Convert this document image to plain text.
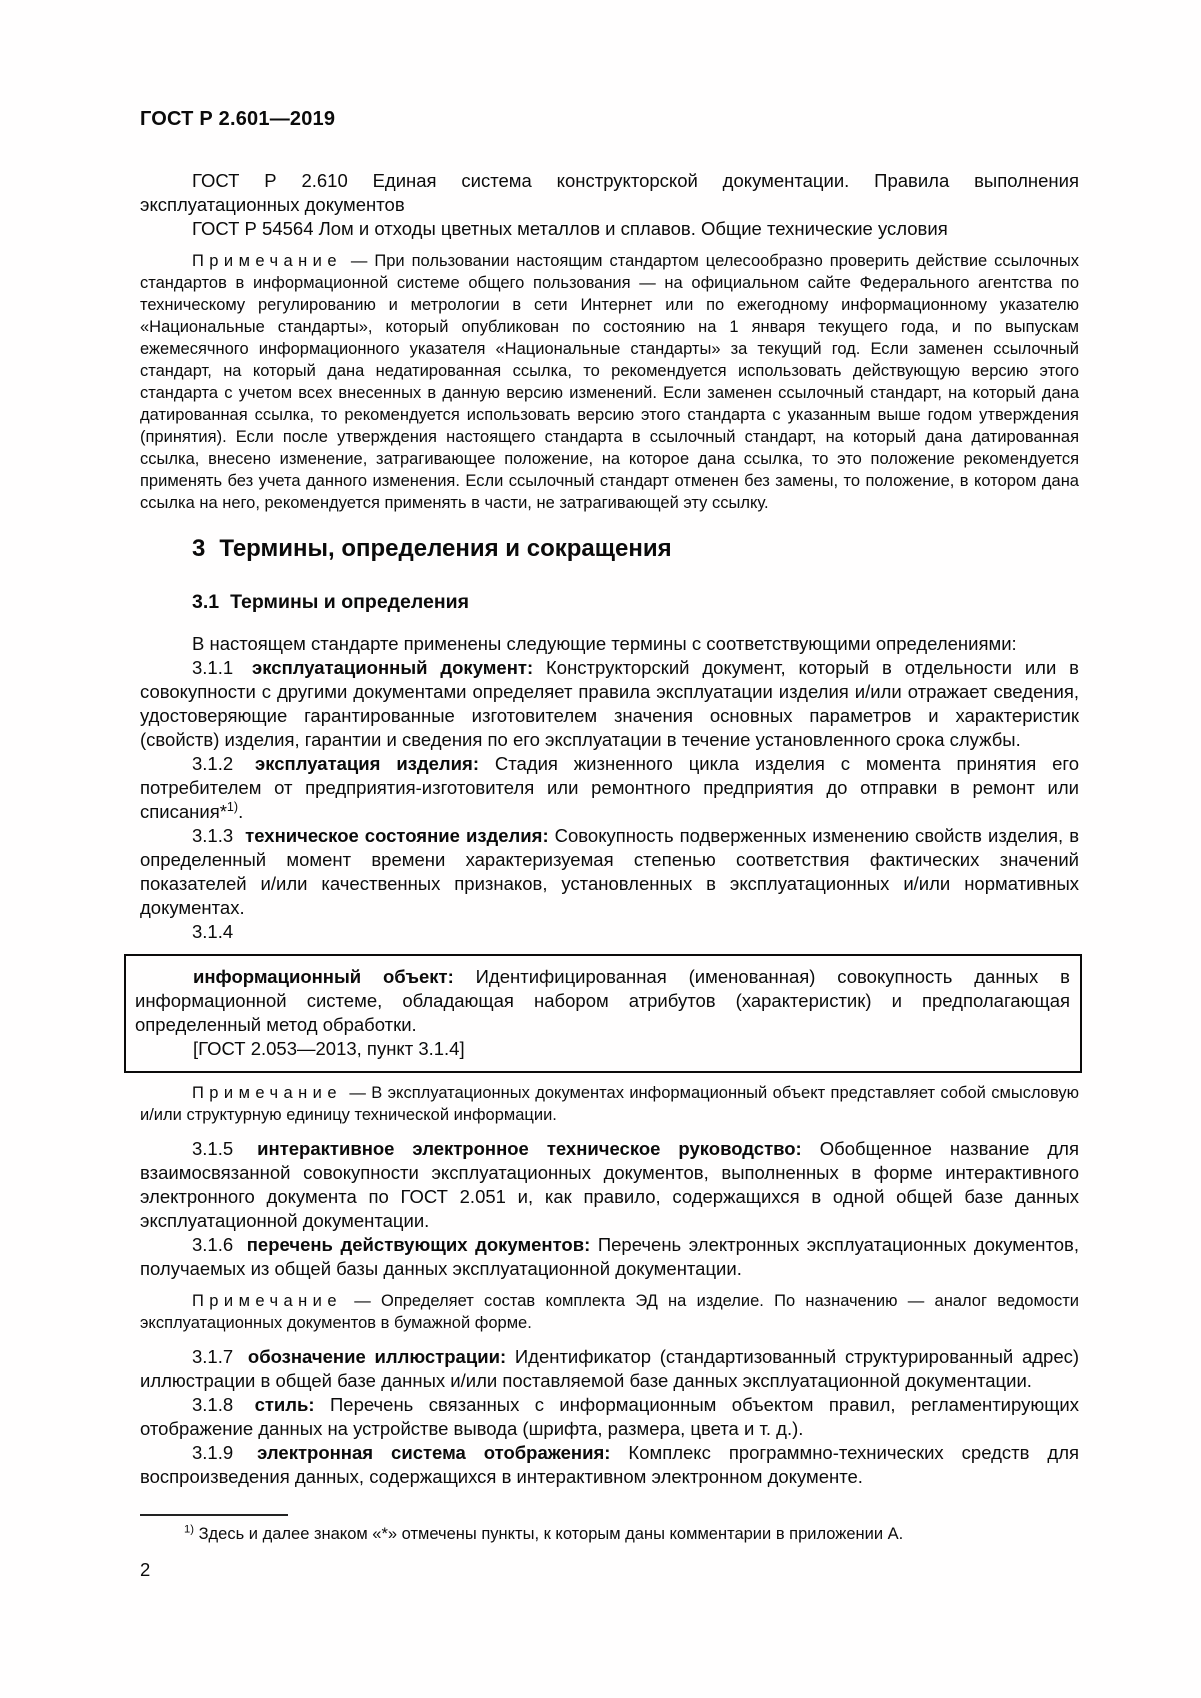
ГОСТ Р 2.601—2019

ГОСТ Р 2.610 Единая система конструкторской документации. Правила выполнения эксплуатационных документов

ГОСТ Р 54564 Лом и отходы цветных металлов и сплавов. Общие технические условия

Примечание — При пользовании настоящим стандартом целесообразно проверить действие ссылочных стандартов в информационной системе общего пользования — на официальном сайте Федерального агентства по техническому регулированию и метрологии в сети Интернет или по ежегодному информационному указателю «Национальные стандарты», который опубликован по состоянию на 1 января текущего года, и по выпускам ежемесячного информационного указателя «Национальные стандарты» за текущий год. Если заменен ссылочный стандарт, на который дана недатированная ссылка, то рекомендуется использовать действующую версию этого стандарта с учетом всех внесенных в данную версию изменений. Если заменен ссылочный стандарт, на который дана датированная ссылка, то рекомендуется использовать версию этого стандарта с указанным выше годом утверждения (принятия). Если после утверждения настоящего стандарта в ссылочный стандарт, на который дана датированная ссылка, внесено изменение, затрагивающее положение, на которое дана ссылка, то это положение рекомендуется применять без учета данного изменения. Если ссылочный стандарт отменен без замены, то положение, в котором дана ссылка на него, рекомендуется применять в части, не затрагивающей эту ссылку.

3 Термины, определения и сокращения
3.1 Термины и определения

В настоящем стандарте применены следующие термины с соответствующими определениями:

3.1.1 эксплуатационный документ: Конструкторский документ, который в отдельности или в совокупности с другими документами определяет правила эксплуатации изделия и/или отражает сведения, удостоверяющие гарантированные изготовителем значения основных параметров и характеристик (свойств) изделия, гарантии и сведения по его эксплуатации в течение установленного срока службы.

3.1.2 эксплуатация изделия: Стадия жизненного цикла изделия с момента принятия его потребителем от предприятия-изготовителя или ремонтного предприятия до отправки в ремонт или списания*$^{1)}$.

3.1.3 техническое состояние изделия: Совокупность подверженных изменению свойств изделия, в определенный момент времени характеризуемая степенью соответствия фактических значений показателей и/или качественных признаков, установленных в эксплуатационных и/или нормативных документах.

3.1.4

информационный объект: Идентифицированная (именованная) совокупность данных в информационной системе, обладающая набором атрибутов (характеристик) и предполагающая определенный метод обработки.

[ГОСТ 2.053—2013, пункт 3.1.4]

Примечание — В эксплуатационных документах информационный объект представляет собой смысловую и/или структурную единицу технической информации.

3.1.5 интерактивное электронное техническое руководство: Обобщенное название для взаимосвязанной совокупности эксплуатационных документов, выполненных в форме интерактивного электронного документа по ГОСТ 2.051 и, как правило, содержащихся в одной общей базе данных эксплуатационной документации.

3.1.6 перечень действующих документов: Перечень электронных эксплуатационных документов, получаемых из общей базы данных эксплуатационной документации.

Примечание — Определяет состав комплекта ЭД на изделие. По назначению — аналог ведомости эксплуатационных документов в бумажной форме.

3.1.7 обозначение иллюстрации: Идентификатор (стандартизованный структурированный адрес) иллюстрации в общей базе данных и/или поставляемой базе данных эксплуатационной документации.

3.1.8 стиль: Перечень связанных с информационным объектом правил, регламентирующих отображение данных на устройстве вывода (шрифта, размера, цвета и т. д.).

3.1.9 электронная система отображения: Комплекс программно-технических средств для воспроизведения данных, содержащихся в интерактивном электронном документе.

$^{1)}$ Здесь и далее знаком «*» отмечены пункты, к которым даны комментарии в приложении А.

2
